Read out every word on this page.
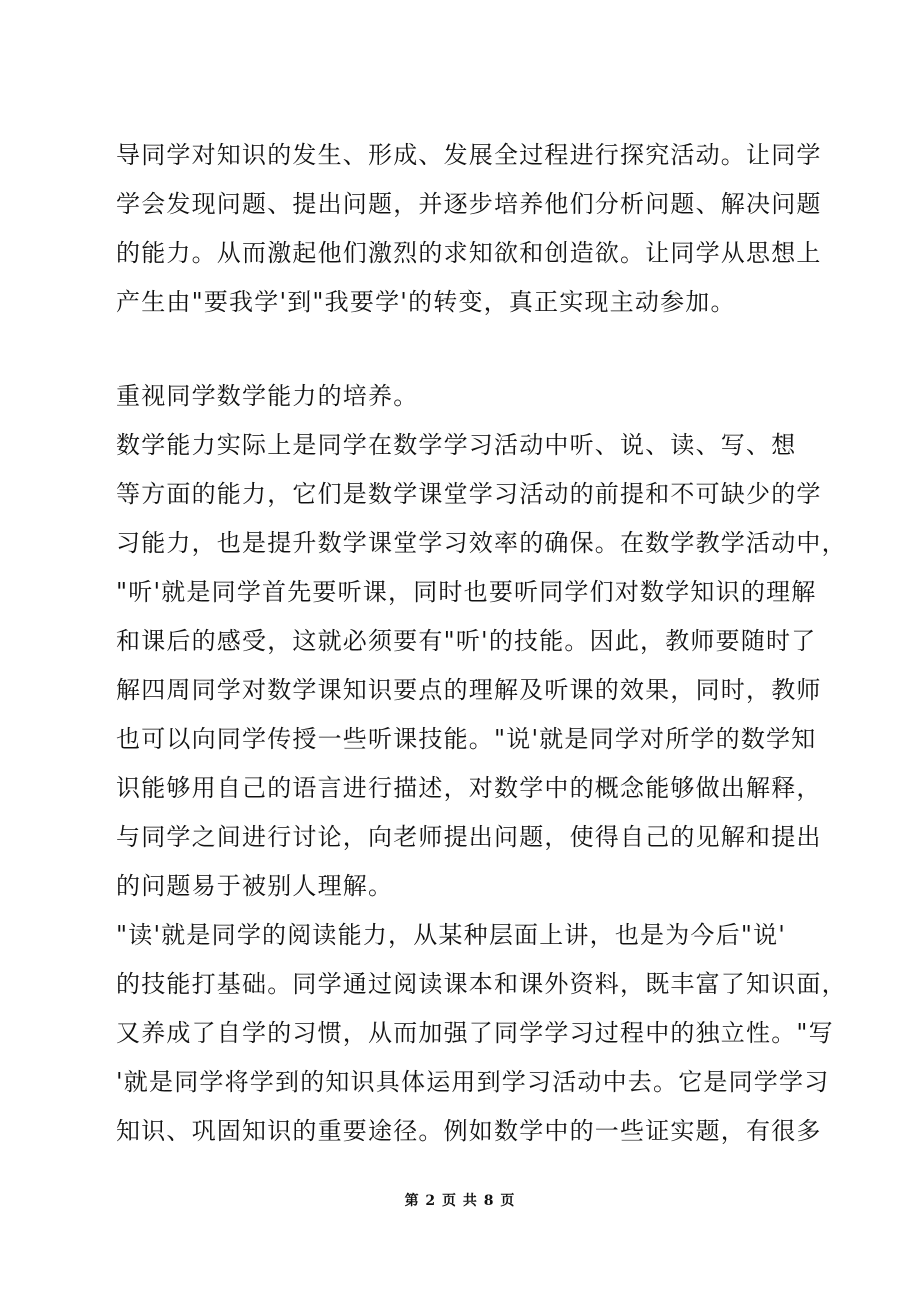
导同学对知识的发生、形成、发展全过程进行探究活动。让同学
学会发现问题、提出问题，并逐步培养他们分析问题、解决问题
的能力。从而激起他们激烈的求知欲和创造欲。让同学从思想上
产生由"要我学'到"我要学'的转变，真正实现主动参加。
重视同学数学能力的培养。
数学能力实际上是同学在数学学习活动中听、说、读、写、想
等方面的能力，它们是数学课堂学习活动的前提和不可缺少的学
习能力，也是提升数学课堂学习效率的确保。在数学教学活动中，
"听'就是同学首先要听课，同时也要听同学们对数学知识的理解
和课后的感受，这就必须要有"听'的技能。因此，教师要随时了
解四周同学对数学课知识要点的理解及听课的效果，同时，教师
也可以向同学传授一些听课技能。"说'就是同学对所学的数学知
识能够用自己的语言进行描述，对数学中的概念能够做出解释，
与同学之间进行讨论，向老师提出问题，使得自己的见解和提出
的问题易于被别人理解。
"读'就是同学的阅读能力，从某种层面上讲，也是为今后"说'
的技能打基础。同学通过阅读课本和课外资料，既丰富了知识面，
又养成了自学的习惯，从而加强了同学学习过程中的独立性。"写
'就是同学将学到的知识具体运用到学习活动中去。它是同学学习
知识、巩固知识的重要途径。例如数学中的一些证实题，有很多
第 2 页 共 8 页
